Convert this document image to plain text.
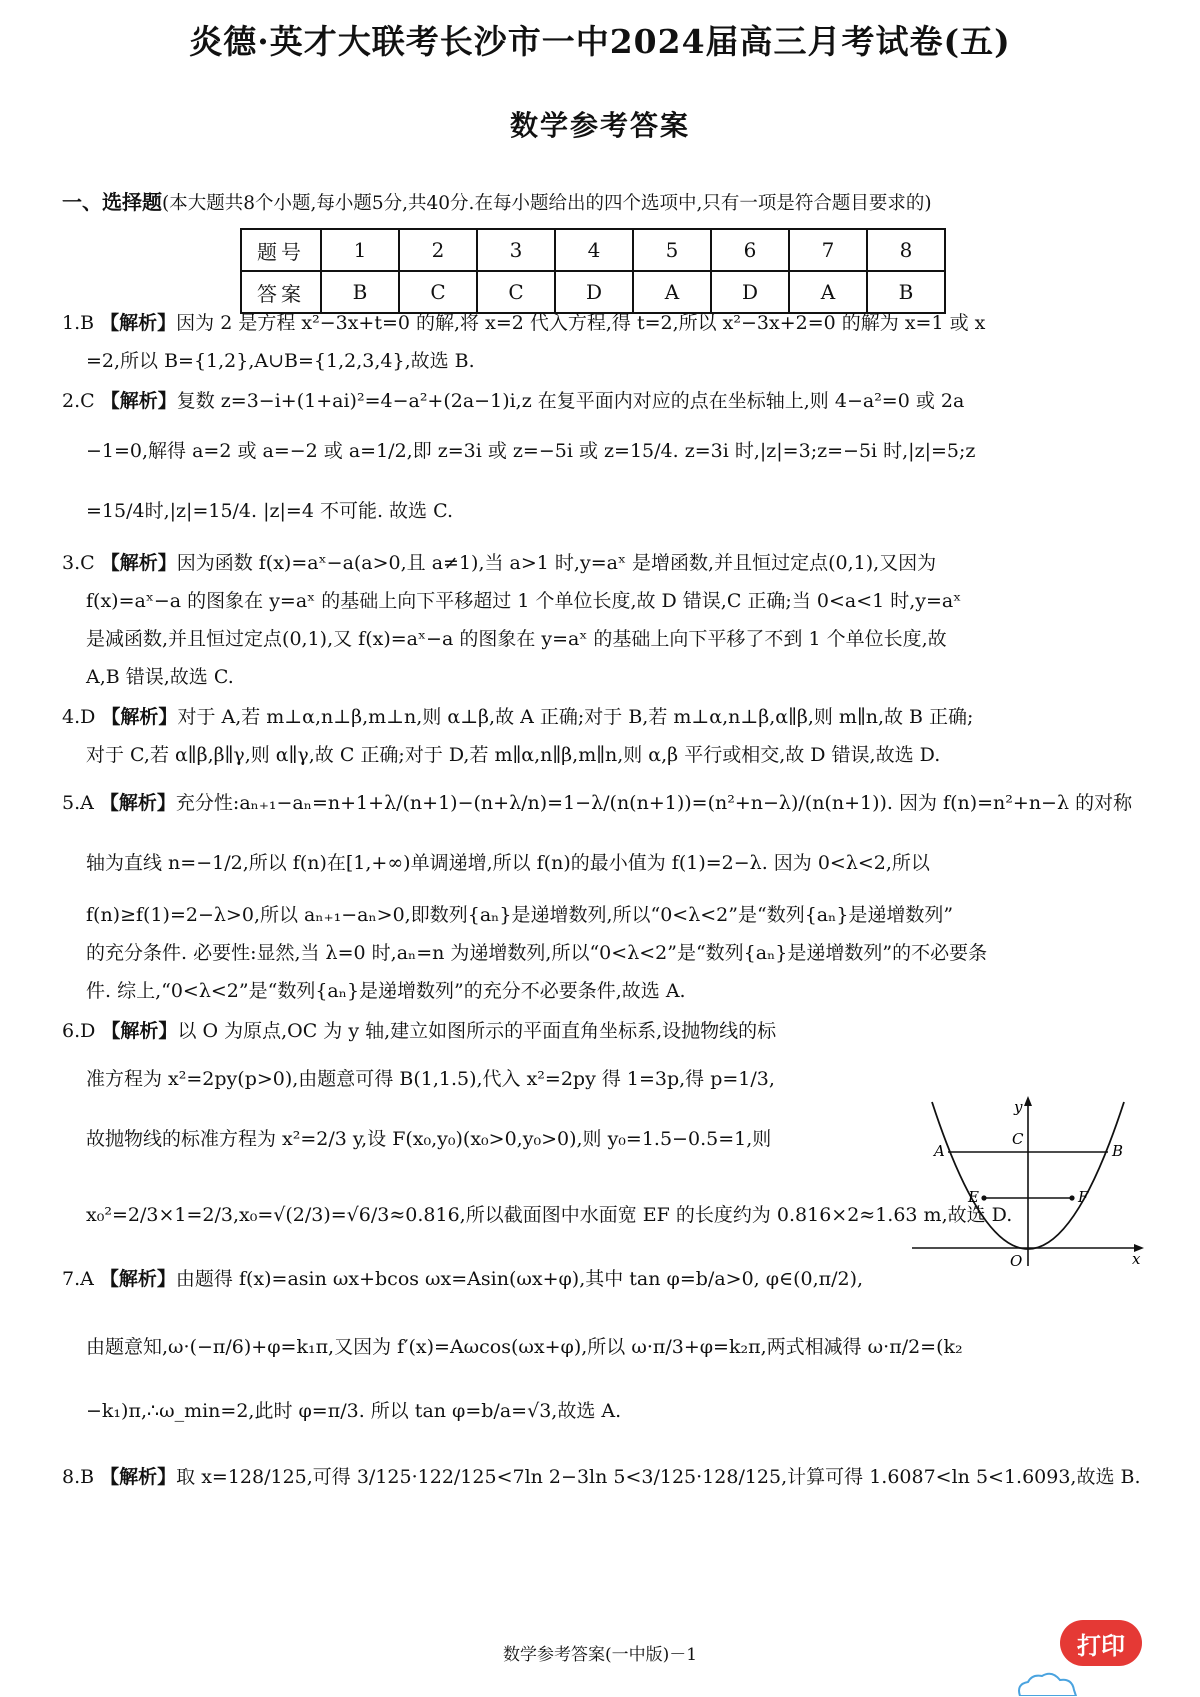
炎德·英才大联考长沙市一中2024届高三月考试卷(五)
数学参考答案
一、选择题(本大题共8个小题,每小题5分,共40分.在每小题给出的四个选项中,只有一项是符合题目要求的)
题号	1	2	3	4	5	6	7	8
答案	B	C	C	D	A	D	A	B
1.B 【解析】因为 2 是方程 x²−3x+t=0 的解,将 x=2 代入方程,得 t=2,所以 x²−3x+2=0 的解为 x=1 或 x
=2,所以 B={1,2},A∪B={1,2,3,4},故选 B.
2.C 【解析】复数 z=3−i+(1+ai)²=4−a²+(2a−1)i,z 在复平面内对应的点在坐标轴上,则 4−a²=0 或 2a
−1=0,解得 a=2 或 a=−2 或 a=1/2,即 z=3i 或 z=−5i 或 z=15/4. z=3i 时,|z|=3;z=−5i 时,|z|=5;z
=15/4时,|z|=15/4. |z|=4 不可能. 故选 C.
3.C 【解析】因为函数 f(x)=aˣ−a(a>0,且 a≠1),当 a>1 时,y=aˣ 是增函数,并且恒过定点(0,1),又因为
f(x)=aˣ−a 的图象在 y=aˣ 的基础上向下平移超过 1 个单位长度,故 D 错误,C 正确;当 0<a<1 时,y=aˣ
是减函数,并且恒过定点(0,1),又 f(x)=aˣ−a 的图象在 y=aˣ 的基础上向下平移了不到 1 个单位长度,故
A,B 错误,故选 C.
4.D 【解析】对于 A,若 m⊥α,n⊥β,m⊥n,则 α⊥β,故 A 正确;对于 B,若 m⊥α,n⊥β,α∥β,则 m∥n,故 B 正确;
对于 C,若 α∥β,β∥γ,则 α∥γ,故 C 正确;对于 D,若 m∥α,n∥β,m∥n,则 α,β 平行或相交,故 D 错误,故选 D.
5.A 【解析】充分性:aₙ₊₁−aₙ=n+1+λ/(n+1)−(n+λ/n)=1−λ/(n(n+1))=(n²+n−λ)/(n(n+1)). 因为 f(n)=n²+n−λ 的对称
轴为直线 n=−1/2,所以 f(n)在[1,+∞)单调递增,所以 f(n)的最小值为 f(1)=2−λ. 因为 0<λ<2,所以
f(n)≥f(1)=2−λ>0,所以 aₙ₊₁−aₙ>0,即数列{aₙ}是递增数列,所以“0<λ<2”是“数列{aₙ}是递增数列”
的充分条件. 必要性:显然,当 λ=0 时,aₙ=n 为递增数列,所以“0<λ<2”是“数列{aₙ}是递增数列”的不必要条
件. 综上,“0<λ<2”是“数列{aₙ}是递增数列”的充分不必要条件,故选 A.
6.D 【解析】以 O 为原点,OC 为 y 轴,建立如图所示的平面直角坐标系,设抛物线的标
准方程为 x²=2py(p>0),由题意可得 B(1,1.5),代入 x²=2py 得 1=3p,得 p=1/3,
故抛物线的标准方程为 x²=2/3 y,设 F(x₀,y₀)(x₀>0,y₀>0),则 y₀=1.5−0.5=1,则
x₀²=2/3×1=2/3,x₀=√(2/3)=√6/3≈0.816,所以截面图中水面宽 EF 的长度约为 0.816×2≈1.63 m,故选 D.
y
x
A	B
C
E	F
O
7.A 【解析】由题得 f(x)=asin ωx+bcos ωx=Asin(ωx+φ),其中 tan φ=b/a>0, φ∈(0,π/2),
由题意知,ω·(−π/6)+φ=k₁π,又因为 f′(x)=Aωcos(ωx+φ),所以 ω·π/3+φ=k₂π,两式相减得 ω·π/2=(k₂
−k₁)π,∴ω_min=2,此时 φ=π/3. 所以 tan φ=b/a=√3,故选 A.
8.B 【解析】取 x=128/125,可得 3/125·122/125<7ln 2−3ln 5<3/125·128/125,计算可得 1.6087<ln 5<1.6093,故选 B.
数学参考答案(一中版)－1	打印
